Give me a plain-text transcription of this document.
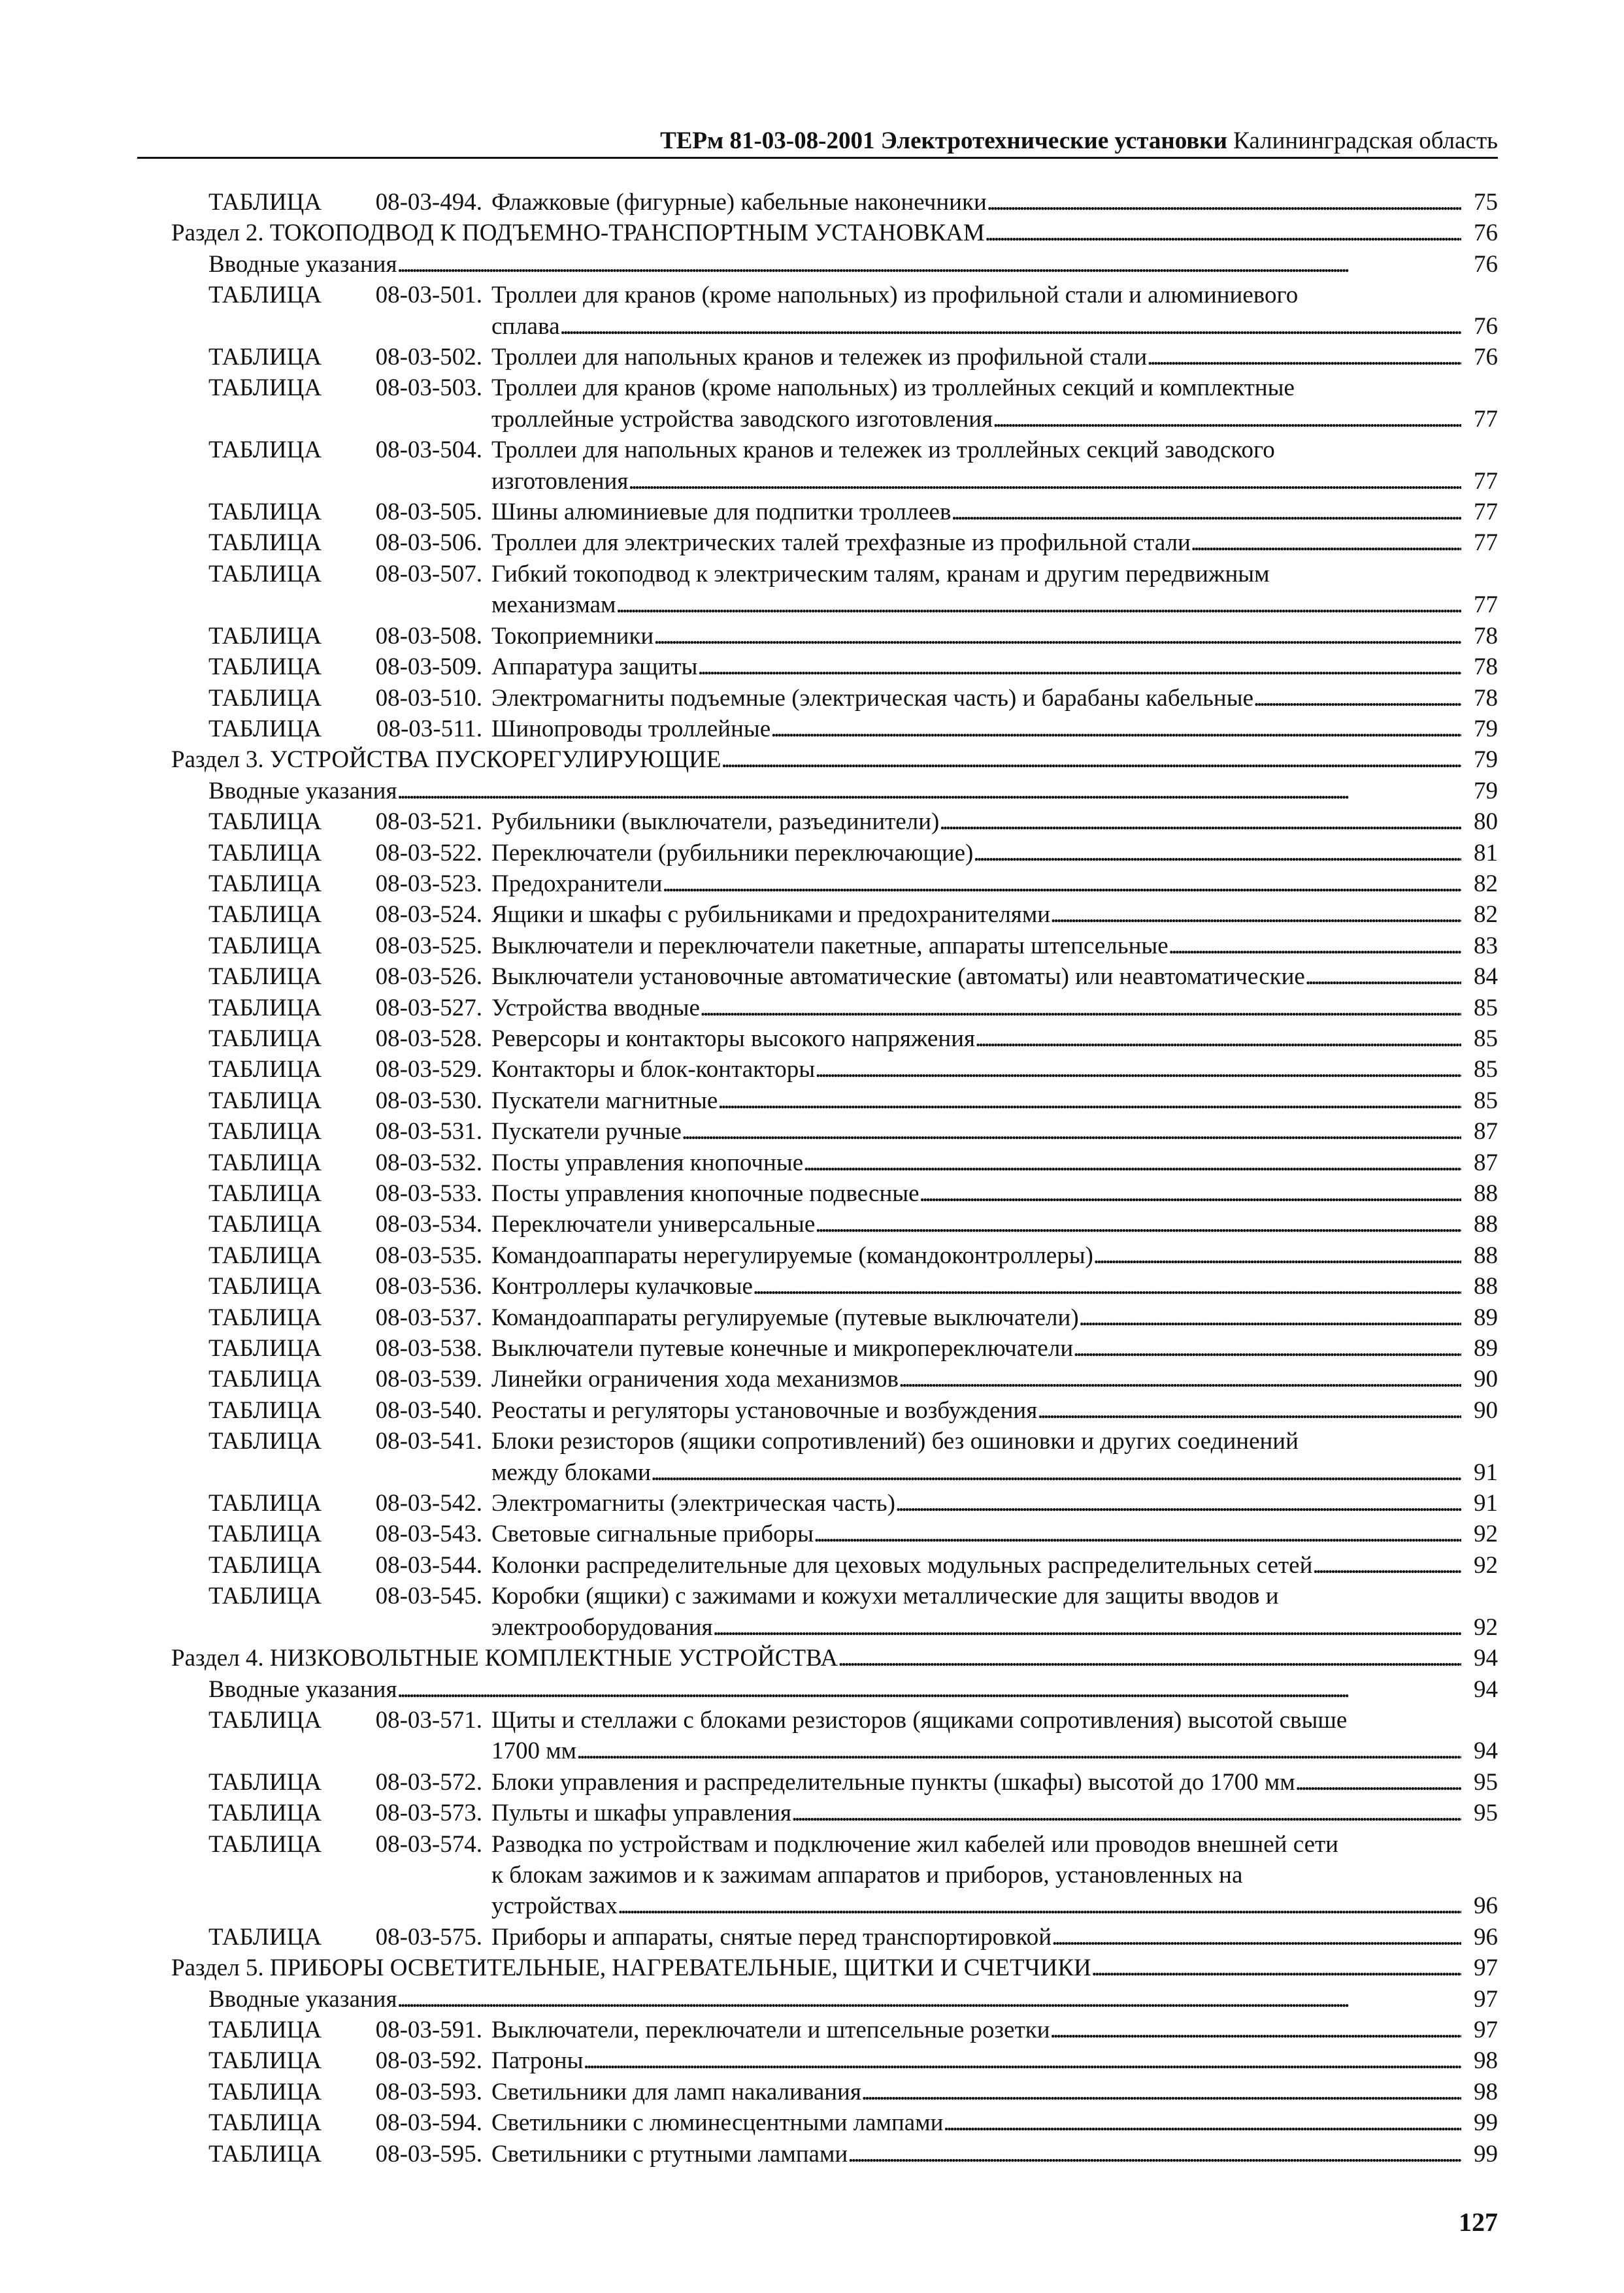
ТЕРм 81-03-08-2001 Электротехнические установки Калининградская область
ТАБЛИЦА 08-03-494. Флажковые (фигурные) кабельные наконечники . . .	75
Раздел 2. ТОКОПОДВОД К ПОДЪЕМНО-ТРАНСПОРТНЫМ УСТАНОВКАМ . . .	76
Вводные указания . . .	76
ТАБЛИЦА 08-03-501. Троллеи для кранов (кроме напольных) из профильной стали и алюминиевого
сплава . . .	76
ТАБЛИЦА 08-03-502. Троллеи для напольных кранов и тележек из профильной стали . . .	76
ТАБЛИЦА 08-03-503. Троллеи для кранов (кроме напольных) из троллейных секций и комплектные
троллейные устройства заводского изготовления . . .	77
ТАБЛИЦА 08-03-504. Троллеи для напольных кранов и тележек из троллейных секций заводского
изготовления . . .	77
ТАБЛИЦА 08-03-505. Шины алюминиевые для подпитки троллеев . . .	77
ТАБЛИЦА 08-03-506. Троллеи для электрических талей трехфазные из профильной стали . . .	77
ТАБЛИЦА 08-03-507. Гибкий токоподвод к электрическим талям, кранам и другим передвижным
механизмам . . .	77
ТАБЛИЦА 08-03-508. Токоприемники . . .	78
ТАБЛИЦА 08-03-509. Аппаратура защиты . . .	78
ТАБЛИЦА 08-03-510. Электромагниты подъемные (электрическая часть) и барабаны кабельные . . .	78
ТАБЛИЦА 08-03-511. Шинопроводы троллейные . . .	79
Раздел 3. УСТРОЙСТВА ПУСКОРЕГУЛИРУЮЩИЕ . . .	79
Вводные указания . . .	79
ТАБЛИЦА 08-03-521. Рубильники (выключатели, разъединители) . . .	80
ТАБЛИЦА 08-03-522. Переключатели (рубильники переключающие) . . .	81
ТАБЛИЦА 08-03-523. Предохранители . . .	82
ТАБЛИЦА 08-03-524. Ящики и шкафы с рубильниками и предохранителями . . .	82
ТАБЛИЦА 08-03-525. Выключатели и переключатели пакетные, аппараты штепсельные . . .	83
ТАБЛИЦА 08-03-526. Выключатели установочные автоматические (автоматы) или неавтоматические . . .	84
ТАБЛИЦА 08-03-527. Устройства вводные . . .	85
ТАБЛИЦА 08-03-528. Реверсоры и контакторы высокого напряжения . . .	85
ТАБЛИЦА 08-03-529. Контакторы и блок-контакторы . . .	85
ТАБЛИЦА 08-03-530. Пускатели магнитные . . .	85
ТАБЛИЦА 08-03-531. Пускатели ручные . . .	87
ТАБЛИЦА 08-03-532. Посты управления кнопочные . . .	87
ТАБЛИЦА 08-03-533. Посты управления кнопочные подвесные . . .	88
ТАБЛИЦА 08-03-534. Переключатели универсальные . . .	88
ТАБЛИЦА 08-03-535. Командоаппараты нерегулируемые (командоконтроллеры) . . .	88
ТАБЛИЦА 08-03-536. Контроллеры кулачковые . . .	88
ТАБЛИЦА 08-03-537. Командоаппараты регулируемые (путевые выключатели) . . .	89
ТАБЛИЦА 08-03-538. Выключатели путевые конечные и микропереключатели . . .	89
ТАБЛИЦА 08-03-539. Линейки ограничения хода механизмов . . .	90
ТАБЛИЦА 08-03-540. Реостаты и регуляторы установочные и возбуждения . . .	90
ТАБЛИЦА 08-03-541. Блоки резисторов (ящики сопротивлений) без ошиновки и других соединений
между блоками . . .	91
ТАБЛИЦА 08-03-542. Электромагниты (электрическая часть) . . .	91
ТАБЛИЦА 08-03-543. Световые сигнальные приборы . . .	92
ТАБЛИЦА 08-03-544. Колонки распределительные для цеховых модульных распределительных сетей . . .	92
ТАБЛИЦА 08-03-545. Коробки (ящики) с зажимами и кожухи металлические для защиты вводов и
электрооборудования . . .	92
Раздел 4. НИЗКОВОЛЬТНЫЕ КОМПЛЕКТНЫЕ УСТРОЙСТВА . . .	94
Вводные указания . . .	94
ТАБЛИЦА 08-03-571. Щиты и стеллажи с блоками резисторов (ящиками сопротивления) высотой свыше
1700 мм . . .	94
ТАБЛИЦА 08-03-572. Блоки управления и распределительные пункты (шкафы) высотой до 1700 мм . . .	95
ТАБЛИЦА 08-03-573. Пульты и шкафы управления . . .	95
ТАБЛИЦА 08-03-574. Разводка по устройствам и подключение жил кабелей или проводов внешней сети
к блокам зажимов и к зажимам аппаратов и приборов, установленных на
устройствах . . .	96
ТАБЛИЦА 08-03-575. Приборы и аппараты, снятые перед транспортировкой . . .	96
Раздел 5. ПРИБОРЫ ОСВЕТИТЕЛЬНЫЕ, НАГРЕВАТЕЛЬНЫЕ, ЩИТКИ И СЧЕТЧИКИ . . .	97
Вводные указания . . .	97
ТАБЛИЦА 08-03-591. Выключатели, переключатели и штепсельные розетки . . .	97
ТАБЛИЦА 08-03-592. Патроны . . .	98
ТАБЛИЦА 08-03-593. Светильники для ламп накаливания . . .	98
ТАБЛИЦА 08-03-594. Светильники с люминесцентными лампами . . .	99
ТАБЛИЦА 08-03-595. Светильники с ртутными лампами . . .	99
127
